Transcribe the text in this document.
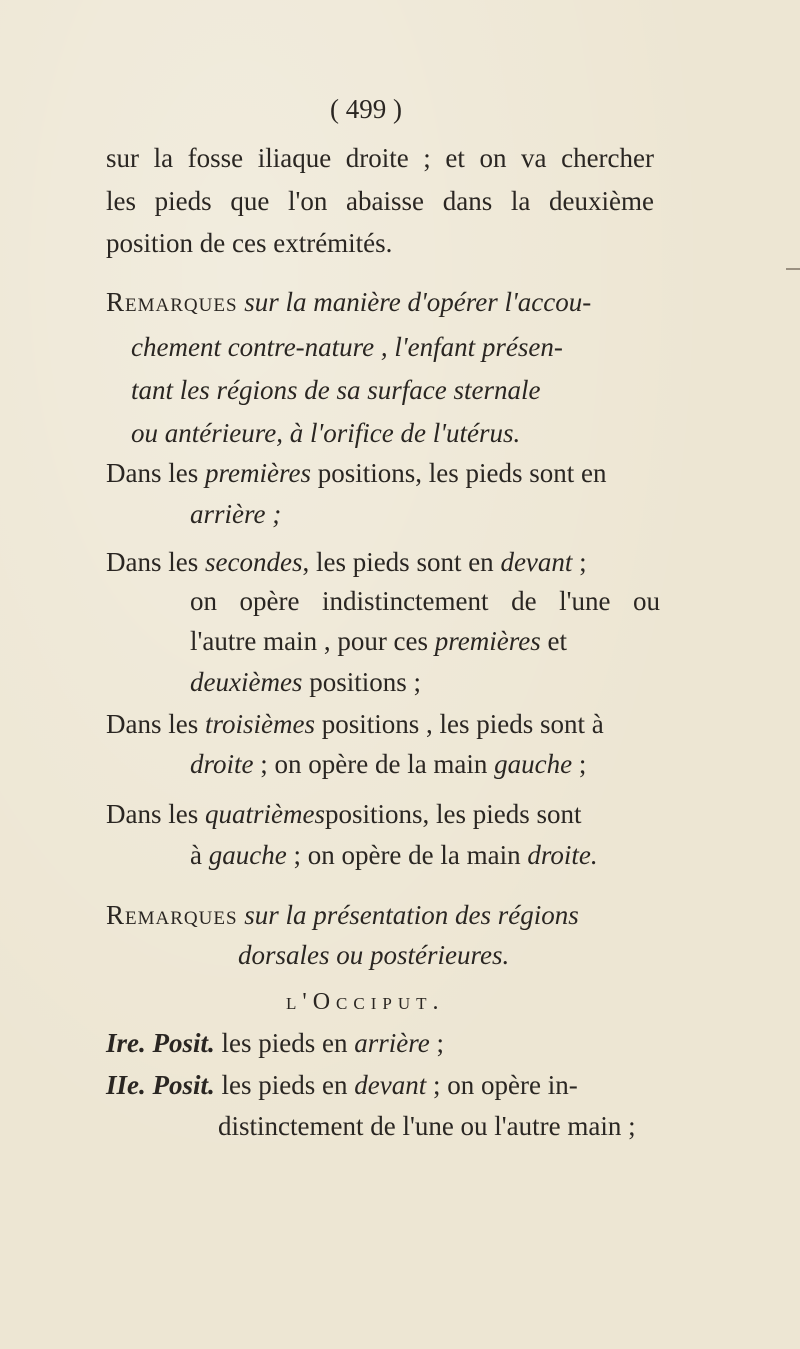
( 499 )
sur la fosse iliaque droite ; et on va chercher
les pieds que l'on abaisse dans la deuxième
position de ces extrémités.
Remarques sur la manière d'opérer l'accou-
chement contre-nature , l'enfant présen-
tant les régions de sa surface sternale
ou antérieure, à l'orifice de l'utérus.
Dans les premières positions, les pieds sont en
arrière ;
Dans les secondes, les pieds sont en devant ;
on opère indistinctement de l'une ou
l'autre main , pour ces premières et
deuxièmes positions ;
Dans les troisièmes positions , les pieds sont à
droite ; on opère de la main gauche ;
Dans les quatrièmespositions, les pieds sont
à gauche ; on opère de la main droite.
Remarques sur la présentation des régions
dorsales ou postérieures.
l'Occiput.
Ire. Posit. les pieds en arrière ;
IIe. Posit. les pieds en devant ; on opère in-
distinctement de l'une ou l'autre main ;
